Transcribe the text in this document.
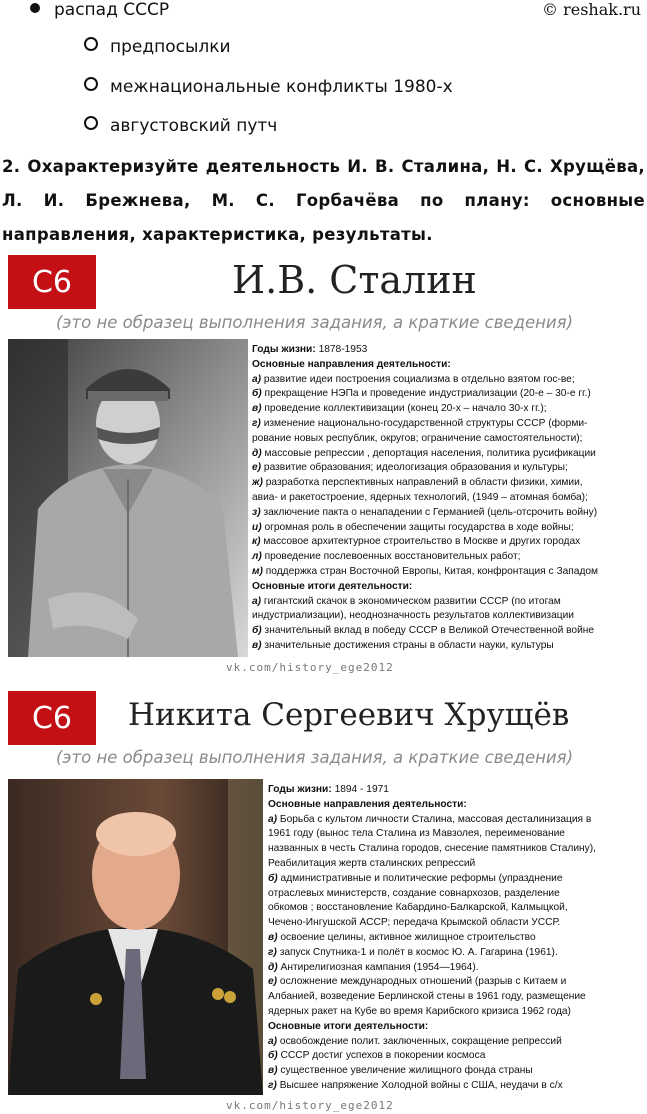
распад СССР	© reshak.ru
предпосылки
межнациональные конфликты 1980-х
августовский путч
2. Охарактеризуйте деятельность И. В. Сталина, Н. С. Хрущёва, Л. И. Брежнева, М. С. Горбачёва по плану: основные направления, характеристика, результаты.
С6	И.В. Сталин
(это не образец выполнения задания, а краткие сведения)
Годы жизни: 1878-1953
Основные направления деятельности:
а) развитие идеи построения социализма в отдельно взятом гос-ве;
б) прекращение НЭПа и проведение индустриализации (20-е – 30-е гг.)
в) проведение коллективизации (конец 20-х – начало 30-х гг.);
г) изменение национально-государственной структуры СССР (форми-
рование новых республик, округов; ограничение самостоятельности);
д) массовые репрессии , депортация населения, политика русификации
е) развитие образования; идеологизация образования и культуры;
ж) разработка перспективных направлений в области физики, химии,
авиа- и ракетостроение, ядерных технологий, (1949 – атомная бомба);
з) заключение пакта о ненападении с Германией (цель-отсрочить войну)
и) огромная роль в обеспечении защиты государства в ходе войны;
к) массовое архитектурное строительство в Москве и других городах
л) проведение послевоенных восстановительных работ;
м) поддержка стран Восточной Европы, Китая, конфронтация с Западом
Основные итоги деятельности:
а) гигантский скачок в экономическом развитии СССР (по итогам
индустриализации), неоднозначность результатов коллективизации
б) значительный вклад в победу СССР в Великой Отечественной войне
в) значительные достижения страны в области науки, культуры
vk.com/history_ege2012
С6	Никита Сергеевич Хрущёв
(это не образец выполнения задания, а краткие сведения)
Годы жизни: 1894 - 1971
Основные направления деятельности:
а) Борьба с культом личности Сталина, массовая десталинизация в
1961 году (вынос тела Сталина из Мавзолея, переименование
названных в честь Сталина городов, снесение памятников Сталину),
Реабилитация жертв сталинских репрессий
б) административные и политические реформы (упразднение
отраслевых министерств, создание совнархозов, разделение
обкомов ; восстановление Кабардино-Балкарской, Калмыцкой,
Чечено-Ингушской АССР; передача Крымской области УССР.
в) освоение целины, активное жилищное строительство
г) запуск Спутника-1 и полёт в космос Ю. А. Гагарина (1961).
д) Антирелигиозная кампания (1954—1964).
е) осложнение международных отношений (разрыв с Китаем и
Албанией, возведение Берлинской стены в 1961 году, размещение
ядерных ракет на Кубе во время Карибского кризиса 1962 года)
Основные итоги деятельности:
а) освобождение полит. заключенных, сокращение репрессий
б) СССР достиг успехов в покорении космоса
в) существенное увеличение жилищного фонда страны
г) Высшее напряжение Холодной войны с США, неудачи в с/х
vk.com/history_ege2012
